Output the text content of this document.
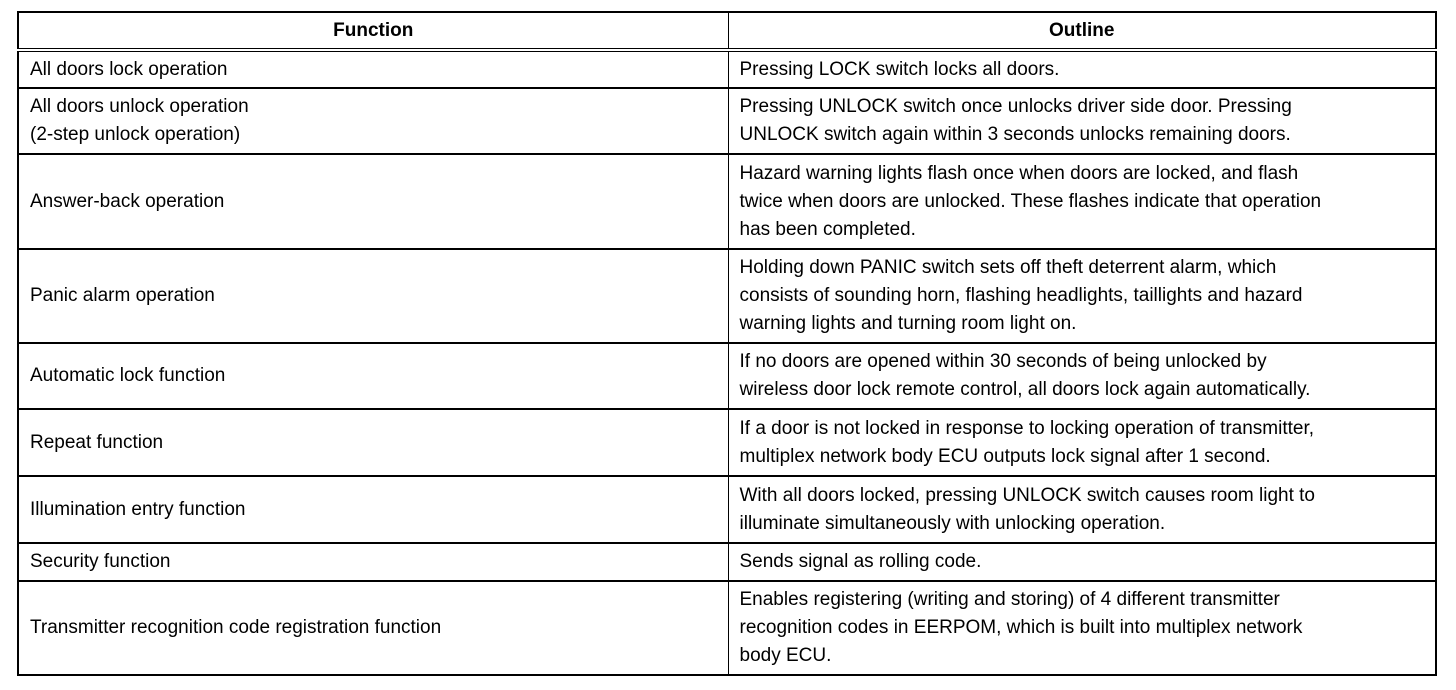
Function	Outline
All doors lock operation	Pressing LOCK switch locks all doors.
All doors unlock operation
(2-step unlock operation)	Pressing UNLOCK switch once unlocks driver side door. Pressing
UNLOCK switch again within 3 seconds unlocks remaining doors.
Answer-back operation	Hazard warning lights flash once when doors are locked, and flash
twice when doors are unlocked. These flashes indicate that operation
has been completed.
Panic alarm operation	Holding down PANIC switch sets off theft deterrent alarm, which
consists of sounding horn, flashing headlights, taillights and hazard
warning lights and turning room light on.
Automatic lock function	If no doors are opened within 30 seconds of being unlocked by
wireless door lock remote control, all doors lock again automatically.
Repeat function	If a door is not locked in response to locking operation of transmitter,
multiplex network body ECU outputs lock signal after 1 second.
Illumination entry function	With all doors locked, pressing UNLOCK switch causes room light to
illuminate simultaneously with unlocking operation.
Security function	Sends signal as rolling code.
Transmitter recognition code registration function	Enables registering (writing and storing) of 4 different transmitter
recognition codes in EERPOM, which is built into multiplex network
body ECU.
